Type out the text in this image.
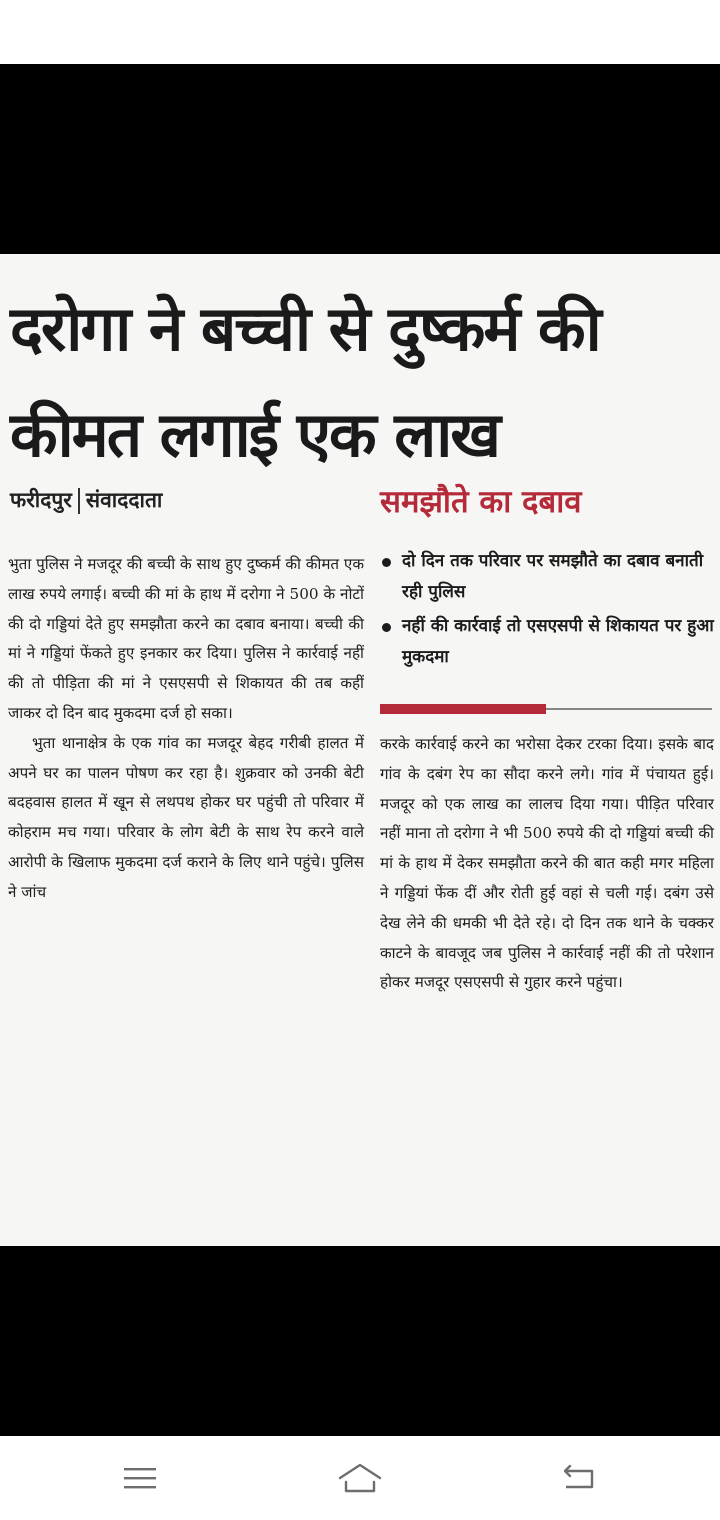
दरोगा ने बच्ची से दुष्कर्म की
कीमत लगाई एक लाख
फरीदपुर संवाददाता

भुता पुलिस ने मजदूर की बच्ची के साथ हुए दुष्कर्म की कीमत एक लाख रुपये लगाई। बच्ची की मां के हाथ में दरोगा ने 500 के नोटों की दो गड्डियां देते हुए समझौता करने का दबाव बनाया। बच्ची की मां ने गड्डियां फेंकते हुए इनकार कर दिया। पुलिस ने कार्रवाई नहीं की तो पीड़िता की मां ने एसएसपी से शिकायत की तब कहीं जाकर दो दिन बाद मुकदमा दर्ज हो सका।

भुता थानाक्षेत्र के एक गांव का मजदूर बेहद गरीबी हालत में अपने घर का पालन पोषण कर रहा है। शुक्रवार को उनकी बेटी बदहवास हालत में खून से लथपथ होकर घर पहुंची तो परिवार में कोहराम मच गया। परिवार के लोग बेटी के साथ रेप करने वाले आरोपी के खिलाफ मुकदमा दर्ज कराने के लिए थाने पहुंचे। पुलिस ने जांच

समझौते का दबाव
दो दिन तक परिवार पर समझौते का दबाव बनाती रही पुलिस
नहीं की कार्रवाई तो एसएसपी से शिकायत पर हुआ मुकदमा

करके कार्रवाई करने का भरोसा देकर टरका दिया। इसके बाद गांव के दबंग रेप का सौदा करने लगे। गांव में पंचायत हुई। मजदूर को एक लाख का लालच दिया गया। पीड़ित परिवार नहीं माना तो दरोगा ने भी 500 रुपये की दो गड्डियां बच्ची की मां के हाथ में देकर समझौता करने की बात कही मगर महिला ने गड्डियां फेंक दीं और रोती हुई वहां से चली गई। दबंग उसे देख लेने की धमकी भी देते रहे। दो दिन तक थाने के चक्कर काटने के बावजूद जब पुलिस ने कार्रवाई नहीं की तो परेशान होकर मजदूर एसएसपी से गुहार करने पहुंचा।
